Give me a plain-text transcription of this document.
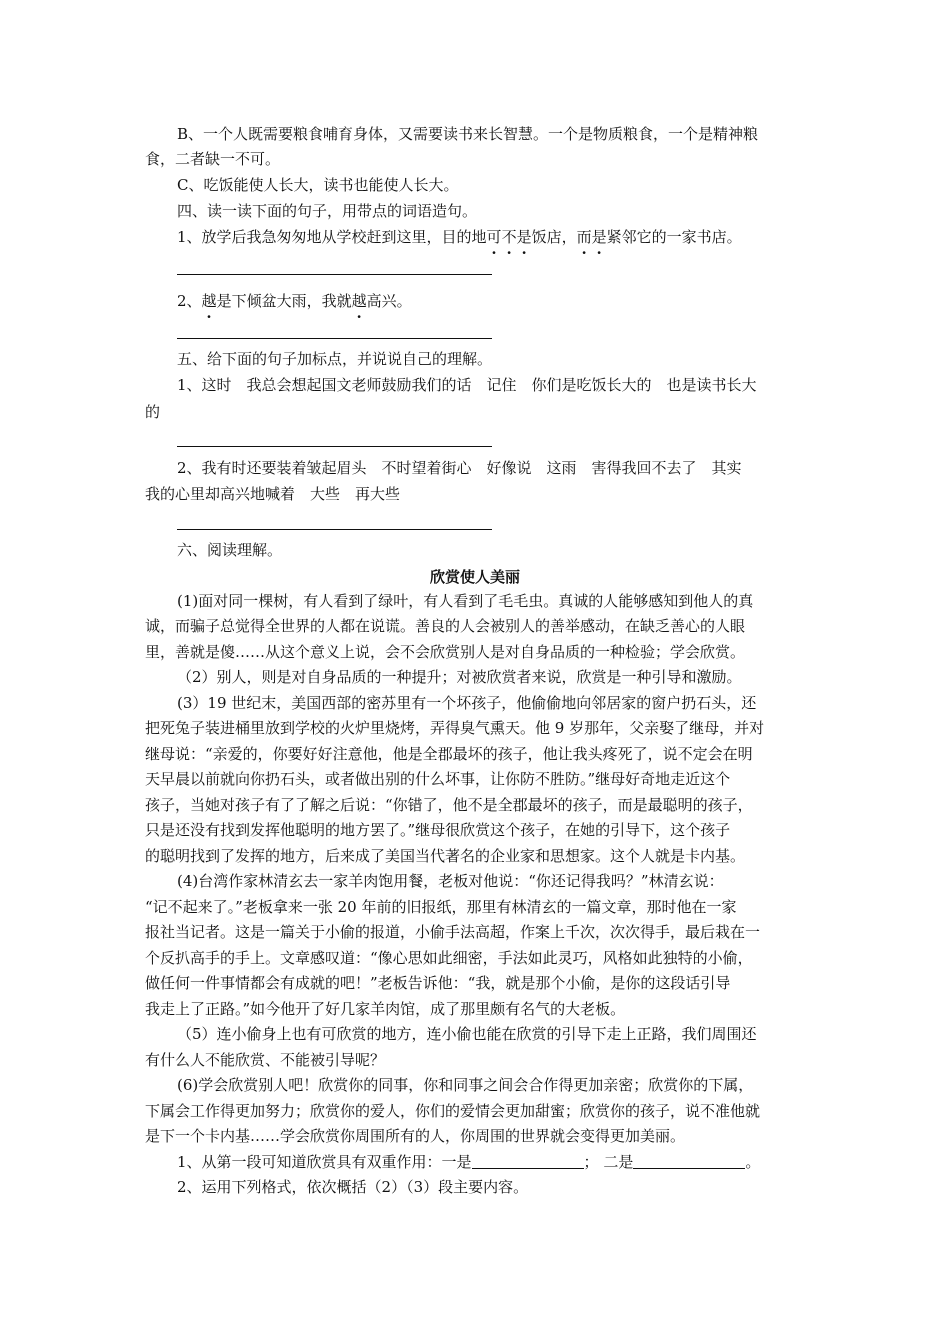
B、一个人既需要粮食哺育身体，又需要读书来长智慧。一个是物质粮食，一个是精神粮
食，二者缺一不可。
C、吃饭能使人长大，读书也能使人长大。
四、读一读下面的句子，用带点的词语造句。
1、放学后我急匆匆地从学校赶到这里，目的地可不是饭店，而是紧邻它的一家书店。
2、越是下倾盆大雨，我就越高兴。
五、给下面的句子加标点，并说说自己的理解。
1、这时　我总会想起国文老师鼓励我们的话　记住　你们是吃饭长大的　也是读书长大
的
2、我有时还要装着皱起眉头　不时望着街心　好像说　这雨　害得我回不去了　其实
我的心里却高兴地喊着　大些　再大些
六、阅读理解。
欣赏使人美丽
(1)面对同一棵树，有人看到了绿叶，有人看到了毛毛虫。真诚的人能够感知到他人的真
诚，而骗子总觉得全世界的人都在说谎。善良的人会被别人的善举感动，在缺乏善心的人眼
里，善就是傻……从这个意义上说，会不会欣赏别人是对自身品质的一种检验；学会欣赏。
（2）别人，则是对自身品质的一种提升；对被欣赏者来说，欣赏是一种引导和激励。
(3）19 世纪末，美国西部的密苏里有一个坏孩子，他偷偷地向邻居家的窗户扔石头，还
把死兔子装进桶里放到学校的火炉里烧烤，弄得臭气熏天。他 9 岁那年，父亲娶了继母，并对
继母说：“亲爱的，你要好好注意他，他是全郡最坏的孩子，他让我头疼死了，说不定会在明
天早晨以前就向你扔石头，或者做出别的什么坏事，让你防不胜防。”继母好奇地走近这个
孩子，当她对孩子有了了解之后说：“你错了，他不是全郡最坏的孩子，而是最聪明的孩子，
只是还没有找到发挥他聪明的地方罢了。”继母很欣赏这个孩子，在她的引导下，这个孩子
的聪明找到了发挥的地方，后来成了美国当代著名的企业家和思想家。这个人就是卡内基。
(4)台湾作家林清玄去一家羊肉饱用餐，老板对他说：“你还记得我吗？”林清玄说：
“记不起来了。”老板拿来一张 20 年前的旧报纸，那里有林清玄的一篇文章，那时他在一家
报社当记者。这是一篇关于小偷的报道，小偷手法高超，作案上千次，次次得手，最后栽在一
个反扒高手的手上。文章感叹道：“像心思如此细密，手法如此灵巧，风格如此独特的小偷，
做任何一件事情都会有成就的吧！”老板告诉他：“我，就是那个小偷，是你的这段话引导
我走上了正路。”如今他开了好几家羊肉馆，成了那里颇有名气的大老板。
（5）连小偷身上也有可欣赏的地方，连小偷也能在欣赏的引导下走上正路，我们周围还
有什么人不能欣赏、不能被引导呢？
(6)学会欣赏别人吧！欣赏你的同事，你和同事之间会合作得更加亲密；欣赏你的下属，
下属会工作得更加努力；欣赏你的爱人，你们的爱情会更加甜蜜；欣赏你的孩子，说不准他就
是下一个卡内基……学会欣赏你周围所有的人，你周围的世界就会变得更加美丽。
1、从第一段可知道欣赏具有双重作用：一是	； 二是	。
2、运用下列格式，依次概括（2）（3）段主要内容。
